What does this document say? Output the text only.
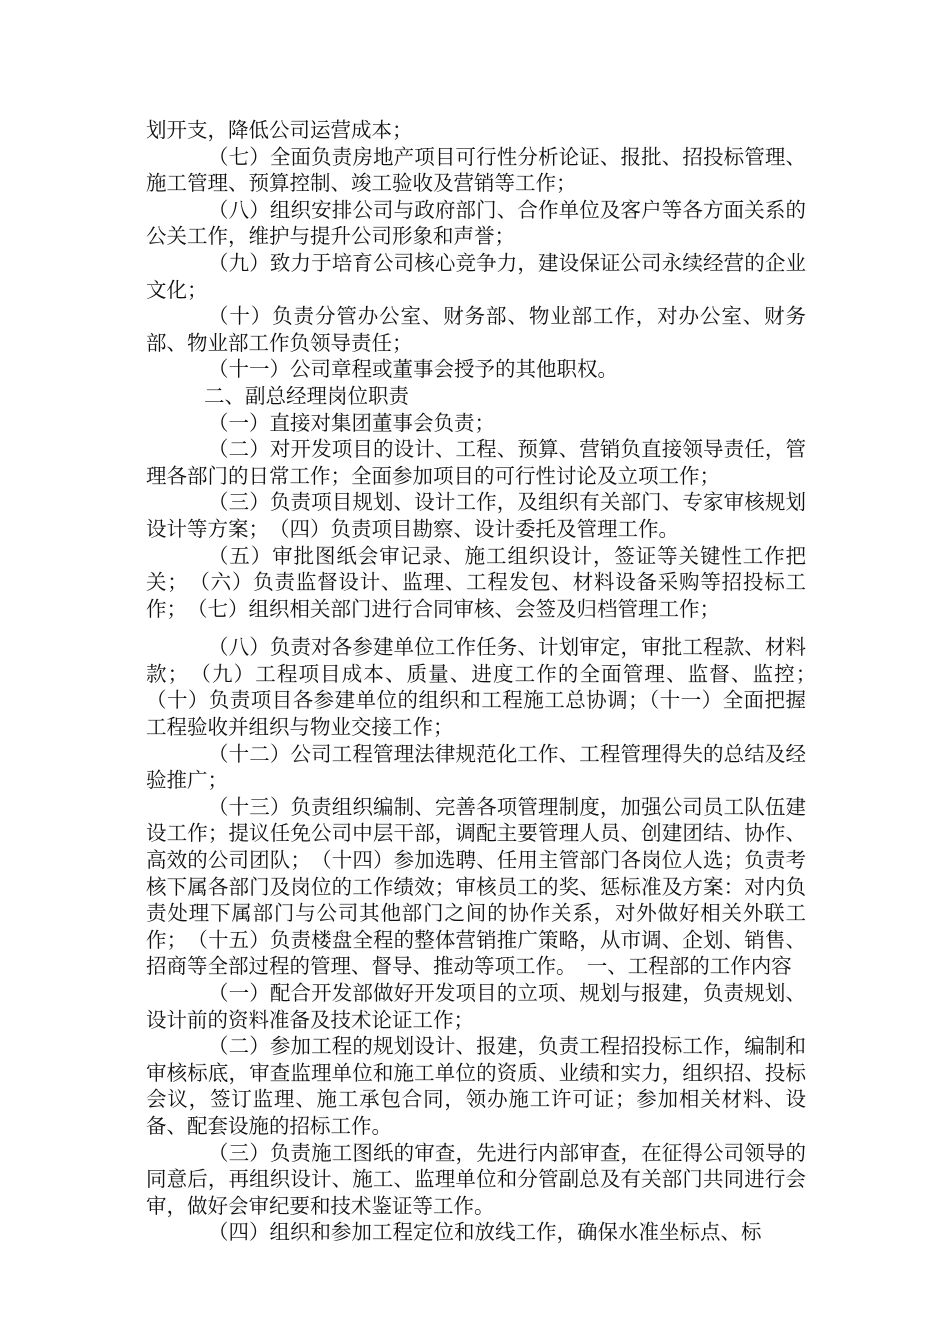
划开支，降低公司运营成本；

（七）全面负责房地产项目可行性分析论证、报批、招投标管理、施工管理、预算控制、竣工验收及营销等工作；

（八）组织安排公司与政府部门、合作单位及客户等各方面关系的公关工作，维护与提升公司形象和声誉；

（九）致力于培育公司核心竞争力，建设保证公司永续经营的企业文化；

（十）负责分管办公室、财务部、物业部工作，对办公室、财务部、物业部工作负领导责任；

（十一）公司章程或董事会授予的其他职权。

二、副总经理岗位职责

（一）直接对集团董事会负责；

（二）对开发项目的设计、工程、预算、营销负直接领导责任，管理各部门的日常工作；全面参加项目的可行性讨论及立项工作；

（三）负责项目规划、设计工作，及组织有关部门、专家审核规划设计等方案；　（四）负责项目勘察、设计委托及管理工作。

（五）审批图纸会审记录、施工组织设计，签证等关键性工作把关；　（六）负责监督设计、监理、工程发包、材料设备采购等招投标工作；　（七）组织相关部门进行合同审核、会签及归档管理工作；

（八）负责对各参建单位工作任务、计划审定，审批工程款、材料款；　（九）工程项目成本、质量、进度工作的全面管理、监督、监控；　（十）负责项目各参建单位的组织和工程施工总协调；（十一）全面把握工程验收并组织与物业交接工作；

（十二）公司工程管理法律规范化工作、工程管理得失的总结及经验推广；

（十三）负责组织编制、完善各项管理制度，加强公司员工队伍建设工作；提议任免公司中层干部，调配主要管理人员、创建团结、协作、高效的公司团队；　（十四）参加选聘、任用主管部门各岗位人选；负责考核下属各部门及岗位的工作绩效；审核员工的奖、惩标准及方案：对内负责处理下属部门与公司其他部门之间的协作关系，对外做好相关外联工作；　（十五）负责楼盘全程的整体营销推广策略，从市调、企划、销售、招商等全部过程的管理、督导、推动等项工作。　一、工程部的工作内容

（一）配合开发部做好开发项目的立项、规划与报建，负责规划、设计前的资料准备及技术论证工作；

（二）参加工程的规划设计、报建，负责工程招投标工作，编制和审核标底，审查监理单位和施工单位的资质、业绩和实力，组织招、投标会议，签订监理、施工承包合同，领办施工许可证；参加相关材料、设备、配套设施的招标工作。

（三）负责施工图纸的审查，先进行内部审查，在征得公司领导的同意后，再组织设计、施工、监理单位和分管副总及有关部门共同进行会审，做好会审纪要和技术鉴证等工作。

（四）组织和参加工程定位和放线工作，确保水准坐标点、标
